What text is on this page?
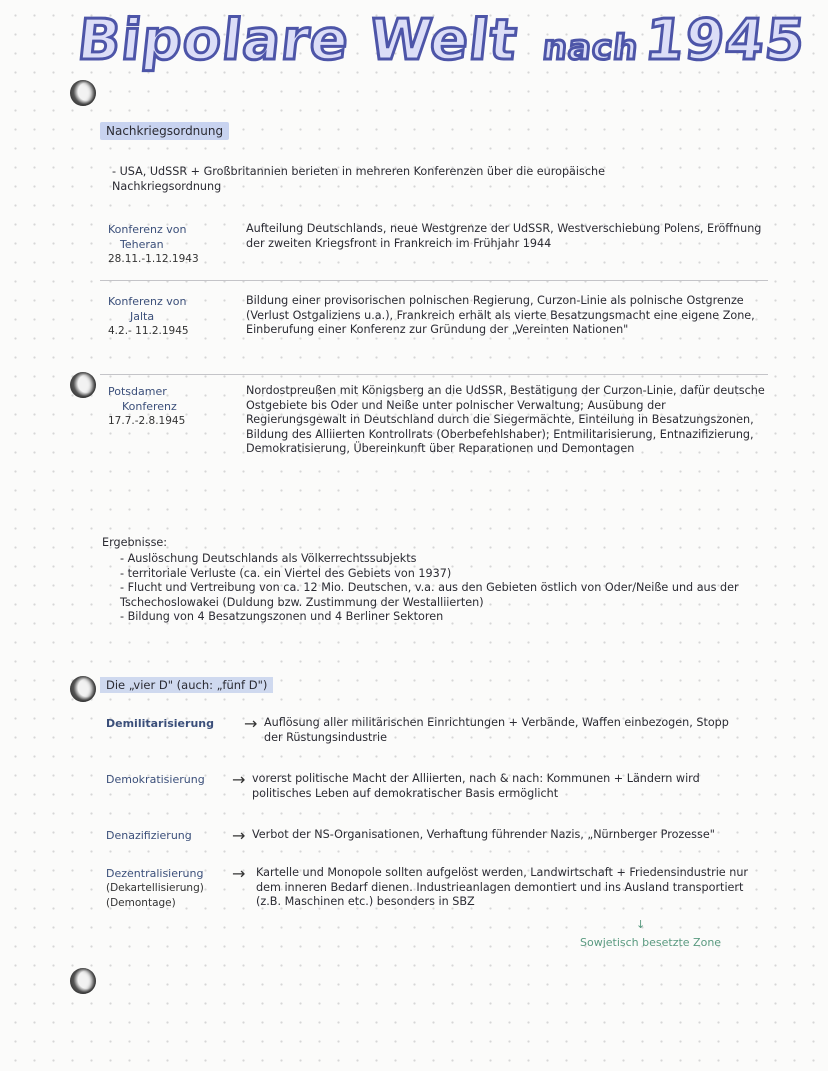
Bipolare Welt nach1945
Nachkriegsordnung
- USA, UdSSR + Großbritannien berieten in mehreren Konferenzen über die europäische Nachkriegsordnung
Konferenz von
Teheran
28.11.-1.12.1943
Aufteilung Deutschlands, neue Westgrenze der UdSSR, Westverschiebung Polens, Eröffnung der zweiten Kriegsfront in Frankreich im Frühjahr 1944
Konferenz von
Jalta
4.2.- 11.2.1945
Bildung einer provisorischen polnischen Regierung, Curzon-Linie als polnische Ostgrenze (Verlust Ostgaliziens u.a.), Frankreich erhält als vierte Besatzungsmacht eine eigene Zone, Einberufung einer Konferenz zur Gründung der „Vereinten Nationen"
Potsdamer
Konferenz
17.7.-2.8.1945
Nordostpreußen mit Königsberg an die UdSSR, Bestätigung der Curzon-Linie, dafür deutsche Ostgebiete bis Oder und Neiße unter polnischer Verwaltung; Ausübung der Regierungsgewalt in Deutschland durch die Siegermächte, Einteilung in Besatzungszonen, Bildung des Alliierten Kontrollrats (Oberbefehlshaber); Entmilitarisierung, Entnazifizierung, Demokratisierung, Übereinkunft über Reparationen und Demontagen
Ergebnisse:
- Auslöschung Deutschlands als Völkerrechtssubjekts
- territoriale Verluste (ca. ein Viertel des Gebiets von 1937)
- Flucht und Vertreibung von ca. 12 Mio. Deutschen, v.a. aus den Gebieten östlich von Oder/Neiße und aus der Tschechoslowakei (Duldung bzw. Zustimmung der Westalliierten)
- Bildung von 4 Besatzungszonen und 4 Berliner Sektoren
Die „vier D" (auch: „fünf D")
Demilitarisierung → Auflösung aller militärischen Einrichtungen + Verbände, Waffen einbezogen, Stopp der Rüstungsindustrie
Demokratisierung → vorerst politische Macht der Alliierten, nach & nach: Kommunen + Ländern wird politisches Leben auf demokratischer Basis ermöglicht
Denazifizierung	→ Verbot der NS-Organisationen, Verhaftung führender Nazis, „Nürnberger Prozesse"
Dezentralisierung
(Dekartellisierung)
(Demontage)
→ Kartelle und Monopole sollten aufgelöst werden, Landwirtschaft + Friedensindustrie nur dem inneren Bedarf dienen. Industrieanlagen demontiert und ins Ausland transportiert (z.B. Maschinen etc.) besonders in SBZ
↓
Sowjetisch besetzte Zone
